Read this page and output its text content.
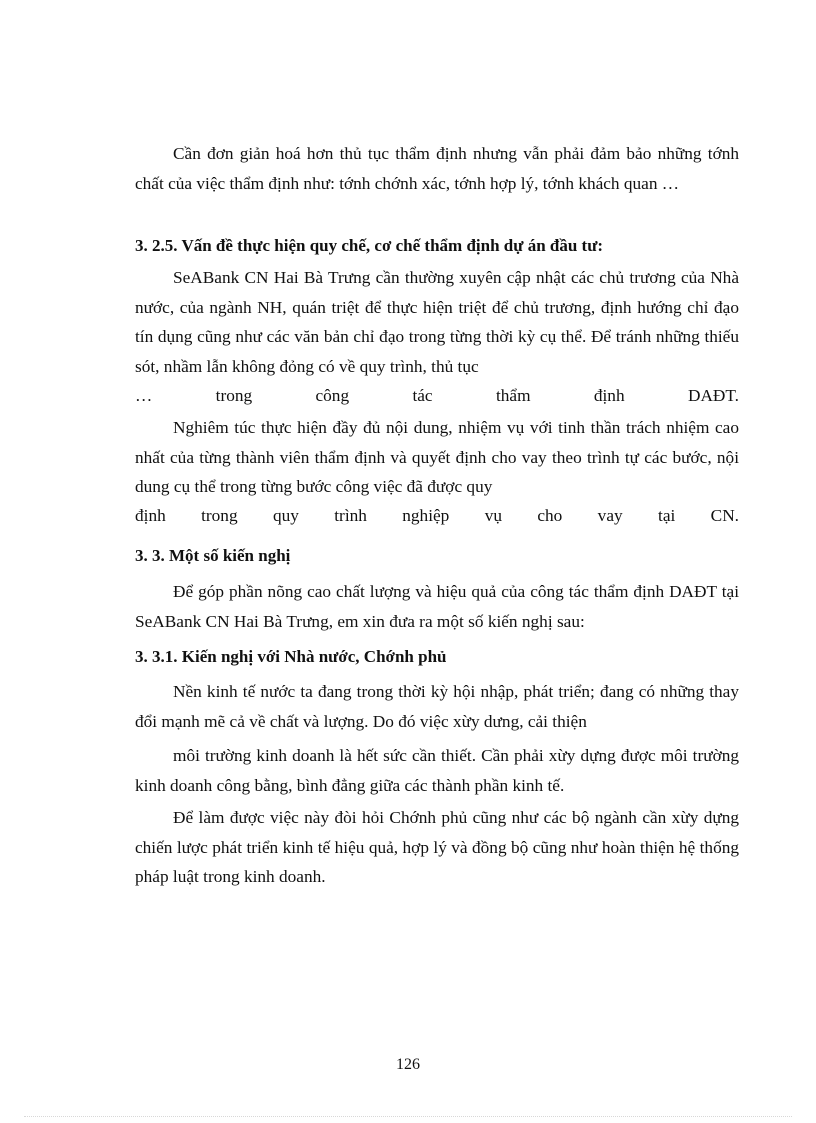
Cần đơn giản hoá hơn thủ tục thẩm định nhưng vẫn phải đảm bảo những tớnh chất của việc thẩm định như: tớnh chớnh xác, tớnh hợp lý, tớnh khách quan …

3. 2.5. Vấn đề thực hiện quy chế, cơ chế thẩm định dự án đầu tư:

SeABank CN Hai Bà Trưng cần thường xuyên cập nhật các chủ trương của Nhà nước, của ngành NH, quán triệt để thực hiện triệt để chủ trương, định hướng chỉ đạo tín dụng cũng như các văn bản chỉ đạo trong từng thời kỳ cụ thể. Để tránh những thiếu sót, nhầm lẫn không đỏng có về quy trình, thủ tục

… trong công tác thẩm định DAĐT.

Nghiêm túc thực hiện đầy đủ nội dung, nhiệm vụ với tinh thần trách nhiệm cao nhất của từng thành viên thẩm định và quyết định cho vay theo trình tự các bước, nội dung cụ thể trong từng bước công việc đã được quy

định trong quy trình nghiệp vụ cho vay tại CN.

3. 3. Một số kiến nghị

Để góp phần nõng cao chất lượng và hiệu quả của công tác thẩm định DAĐT tại SeABank CN Hai Bà Trưng, em xin đưa ra một số kiến nghị sau:

3. 3.1. Kiến nghị với Nhà nước, Chớnh phủ

Nền kinh tế nước ta đang trong thời kỳ hội nhập, phát triển; đang có những thay đổi mạnh mẽ cả về chất và lượng. Do đó việc xừy dưng, cải thiện

môi trường kinh doanh là hết sức cần thiết. Cần phải xừy dựng được môi trường kinh doanh công bằng, bình đẳng giữa các thành phần kinh tế.

Để làm được việc này đòi hỏi Chớnh phủ cũng như các bộ ngành cần xừy dựng chiến lược phát triển kinh tế hiệu quả, hợp lý và đồng bộ cũng như hoàn thiện hệ thống pháp luật trong kinh doanh.

126
